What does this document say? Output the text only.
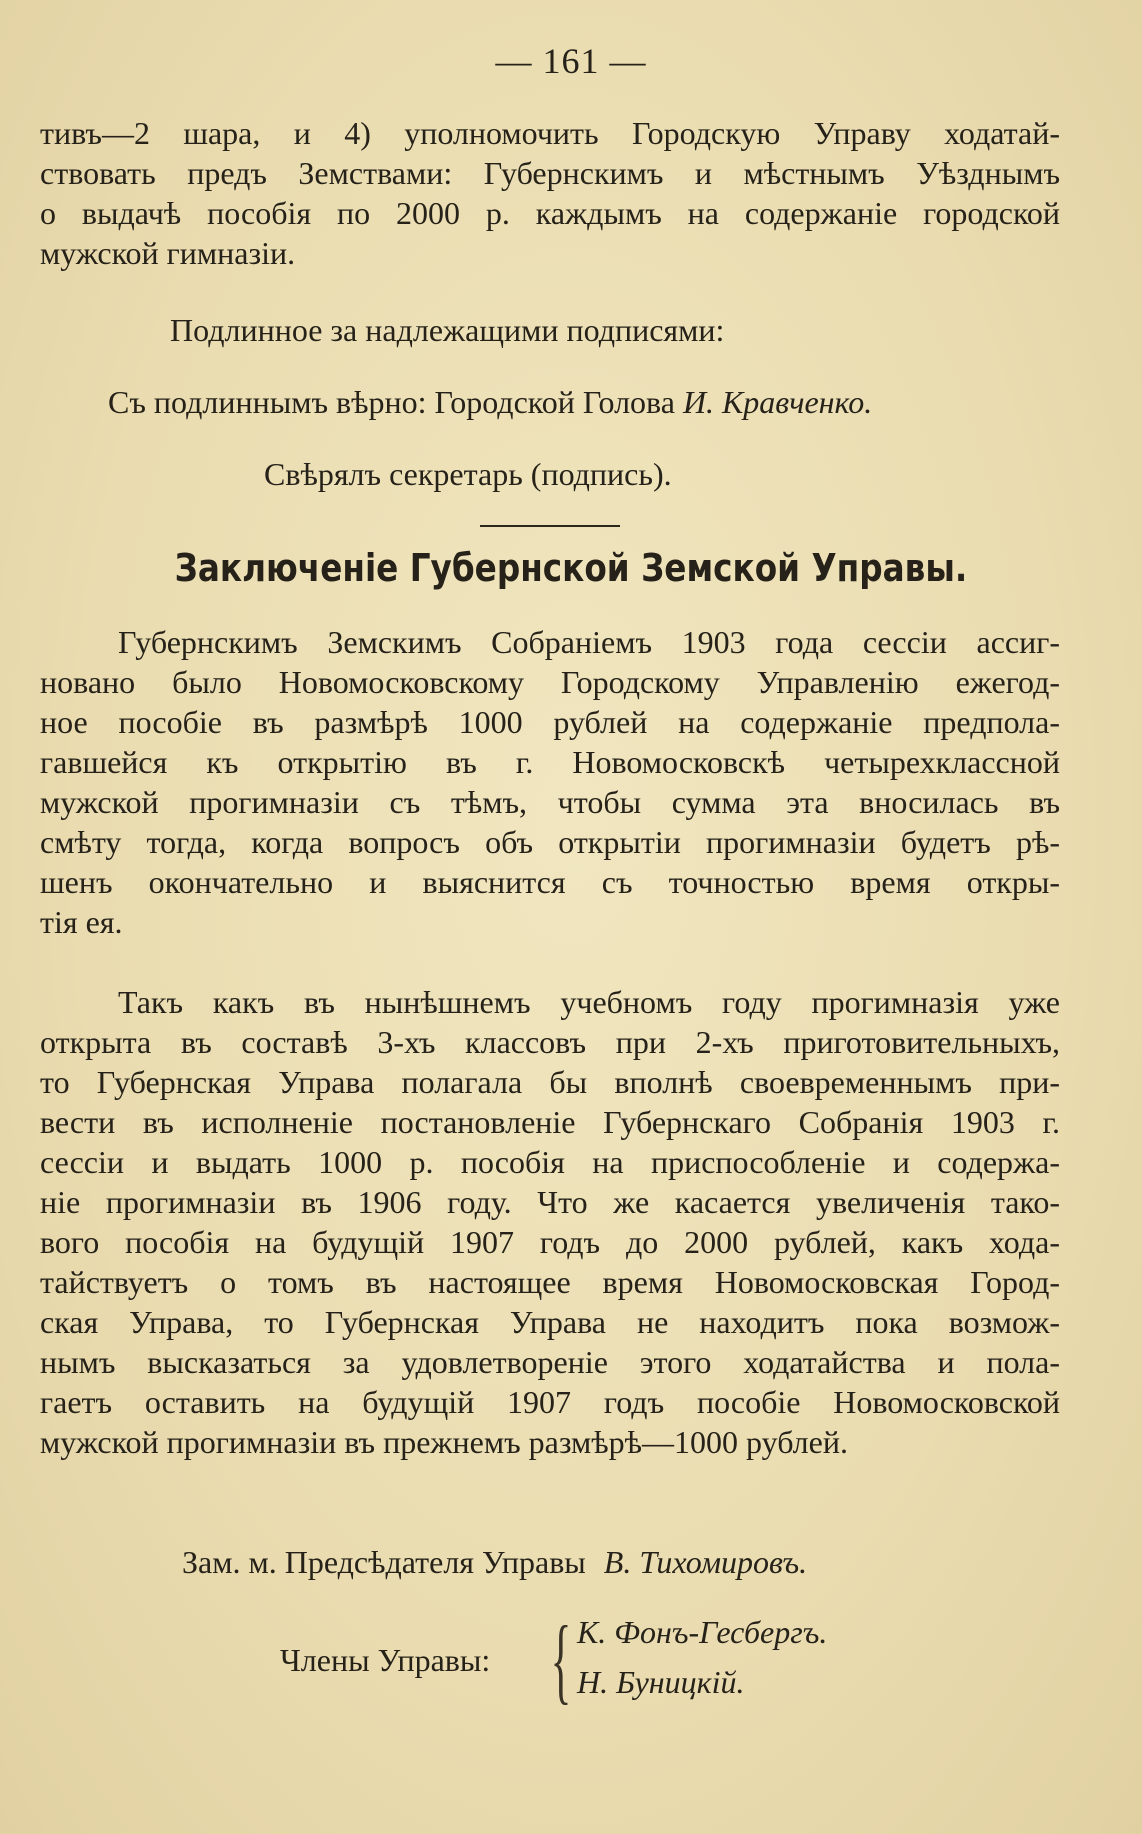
— 161 —
тивъ—2 шара, и 4) уполномочить Городскую Управу ходатай-
ствовать предъ Земствами: Губернскимъ и мѣстнымъ Уѣзднымъ
о выдачѣ пособія по 2000 р. каждымъ на содержаніе городской
мужской гимназіи.
Подлинное за надлежащими подписями:
Съ подлиннымъ вѣрно: Городской Голова И. Кравченко.
Свѣрялъ секретарь (подпись).
Заключеніе Губернской Земской Управы.
Губернскимъ Земскимъ Собраніемъ 1903 года сессіи ассиг-
новано было Новомосковскому Городскому Управленію ежегод-
ное пособіе въ размѣрѣ 1000 рублей на содержаніе предпола-
гавшейся къ открытію въ г. Новомосковскѣ четырехклассной
мужской прогимназіи съ тѣмъ, чтобы сумма эта вносилась въ
смѣту тогда, когда вопросъ объ открытіи прогимназіи будетъ рѣ-
шенъ окончательно и выяснится съ точностью время откры-
тія ея.
Такъ какъ въ нынѣшнемъ учебномъ году прогимназія уже
открыта въ составѣ 3-хъ классовъ при 2-хъ приготовительныхъ,
то Губернская Управа полагала бы вполнѣ своевременнымъ при-
вести въ исполненіе постановленіе Губернскаго Собранія 1903 г.
сессіи и выдать 1000 р. пособія на приспособленіе и содержа-
ніе прогимназіи въ 1906 году. Что же касается увеличенія тако-
вого пособія на будущій 1907 годъ до 2000 рублей, какъ хода-
тайствуетъ о томъ въ настоящее время Новомосковская Город-
ская Управа, то Губернская Управа не находитъ пока возмож-
нымъ высказаться за удовлетвореніе этого ходатайства и пола-
гаетъ оставить на будущій 1907 годъ пособіе Новомосковской
мужской прогимназіи въ прежнемъ размѣрѣ—1000 рублей.
Зам. м. Предсѣдателя Управы В. Тихомировъ.
Члены Управы: { К. Фонъ-Гесбергъ.
Н. Буницкій.
